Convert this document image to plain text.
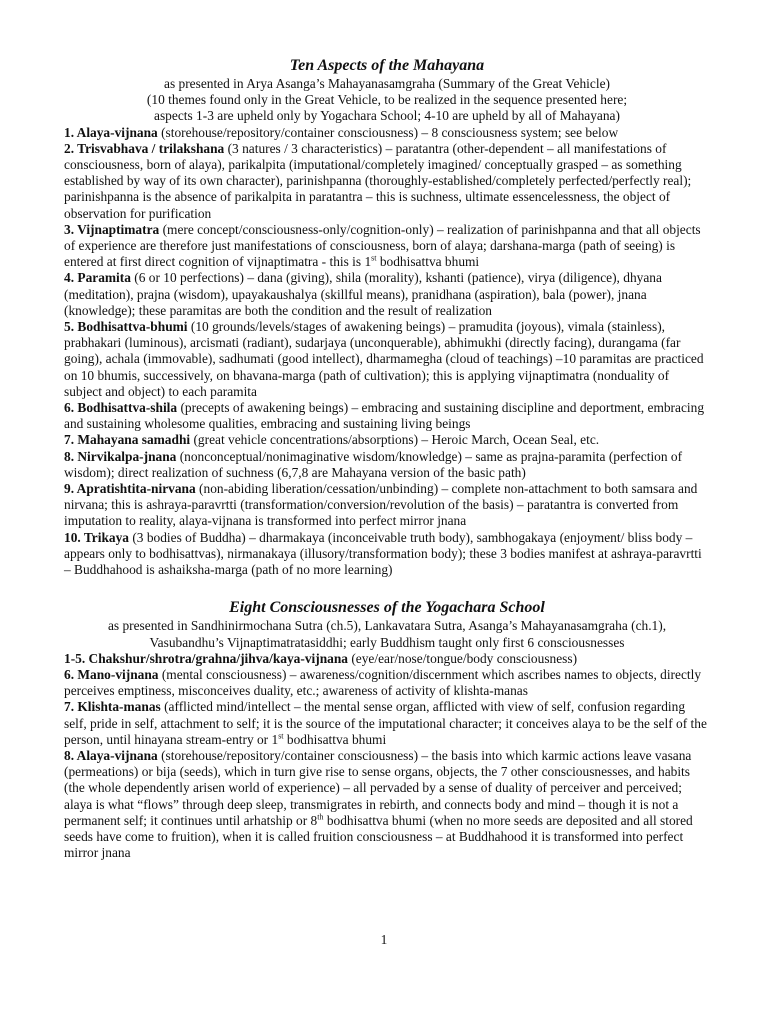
Ten Aspects of the Mahayana

as presented in Arya Asanga’s Mahayanasamgraha (Summary of the Great Vehicle)

(10 themes found only in the Great Vehicle, to be realized in the sequence presented here;

aspects 1-3 are upheld only by Yogachara School; 4-10 are upheld by all of Mahayana)

1. Alaya-vijnana (storehouse/repository/container consciousness) – 8 consciousness system; see below

2. Trisvabhava / trilakshana (3 natures / 3 characteristics) – paratantra (other-dependent – all manifestations of consciousness, born of alaya), parikalpita (imputational/completely imagined/ conceptually grasped – as something established by way of its own character), parinishpanna (thoroughly-established/completely perfected/perfectly real); parinishpanna is the absence of parikalpita in paratantra – this is suchness, ultimate essencelessness, the object of observation for purification

3. Vijnaptimatra (mere concept/consciousness-only/cognition-only) – realization of parinishpanna and that all objects of experience are therefore just manifestations of consciousness, born of alaya; darshana-marga (path of seeing) is entered at first direct cognition of vijnaptimatra - this is 1st bodhisattva bhumi

4. Paramita (6 or 10 perfections) – dana (giving), shila (morality), kshanti (patience), virya (diligence), dhyana (meditation), prajna (wisdom), upayakaushalya (skillful means), pranidhana (aspiration), bala (power), jnana (knowledge); these paramitas are both the condition and the result of realization

5. Bodhisattva-bhumi (10 grounds/levels/stages of awakening beings) – pramudita (joyous), vimala (stainless), prabhakari (luminous), arcismati (radiant), sudarjaya (unconquerable), abhimukhi (directly facing), durangama (far going), achala (immovable), sadhumati (good intellect), dharmamegha (cloud of teachings) –10 paramitas are practiced on 10 bhumis, successively, on bhavana-marga (path of cultivation); this is applying vijnaptimatra (nonduality of subject and object) to each paramita

6. Bodhisattva-shila (precepts of awakening beings) – embracing and sustaining discipline and deportment, embracing and sustaining wholesome qualities, embracing and sustaining living beings

7. Mahayana samadhi (great vehicle concentrations/absorptions) – Heroic March, Ocean Seal, etc.

8. Nirvikalpa-jnana (nonconceptual/nonimaginative wisdom/knowledge) – same as prajna-paramita (perfection of wisdom); direct realization of suchness (6,7,8 are Mahayana version of the basic path)

9. Apratishtita-nirvana (non-abiding liberation/cessation/unbinding) – complete non-attachment to both samsara and nirvana; this is ashraya-paravrtti (transformation/conversion/revolution of the basis) – paratantra is converted from imputation to reality, alaya-vijnana is transformed into perfect mirror jnana

10. Trikaya (3 bodies of Buddha) – dharmakaya (inconceivable truth body), sambhogakaya (enjoyment/ bliss body – appears only to bodhisattvas), nirmanakaya (illusory/transformation body); these 3 bodies manifest at ashraya-paravrtti – Buddhahood is ashaiksha-marga (path of no more learning)

Eight Consciousnesses of the Yogachara School

as presented in Sandhinirmochana Sutra (ch.5), Lankavatara Sutra, Asanga’s Mahayanasamgraha (ch.1),

Vasubandhu’s Vijnaptimatratasiddhi; early Buddhism taught only first 6 consciousnesses

1-5. Chakshur/shrotra/grahna/jihva/kaya-vijnana (eye/ear/nose/tongue/body consciousness)

6. Mano-vijnana (mental consciousness) – awareness/cognition/discernment which ascribes names to objects, directly perceives emptiness, misconceives duality, etc.; awareness of activity of klishta-manas

7. Klishta-manas (afflicted mind/intellect – the mental sense organ, afflicted with view of self, confusion regarding self, pride in self, attachment to self; it is the source of the imputational character; it conceives alaya to be the self of the person, until hinayana stream-entry or 1st bodhisattva bhumi

8. Alaya-vijnana (storehouse/repository/container consciousness) – the basis into which karmic actions leave vasana (permeations) or bija (seeds), which in turn give rise to sense organs, objects, the 7 other consciousnesses, and habits (the whole dependently arisen world of experience) – all pervaded by a sense of duality of perceiver and perceived; alaya is what “flows” through deep sleep, transmigrates in rebirth, and connects body and mind – though it is not a permanent self; it continues until arhatship or 8th bodhisattva bhumi (when no more seeds are deposited and all stored seeds have come to fruition), when it is called fruition consciousness – at Buddhahood it is transformed into perfect mirror jnana

1
